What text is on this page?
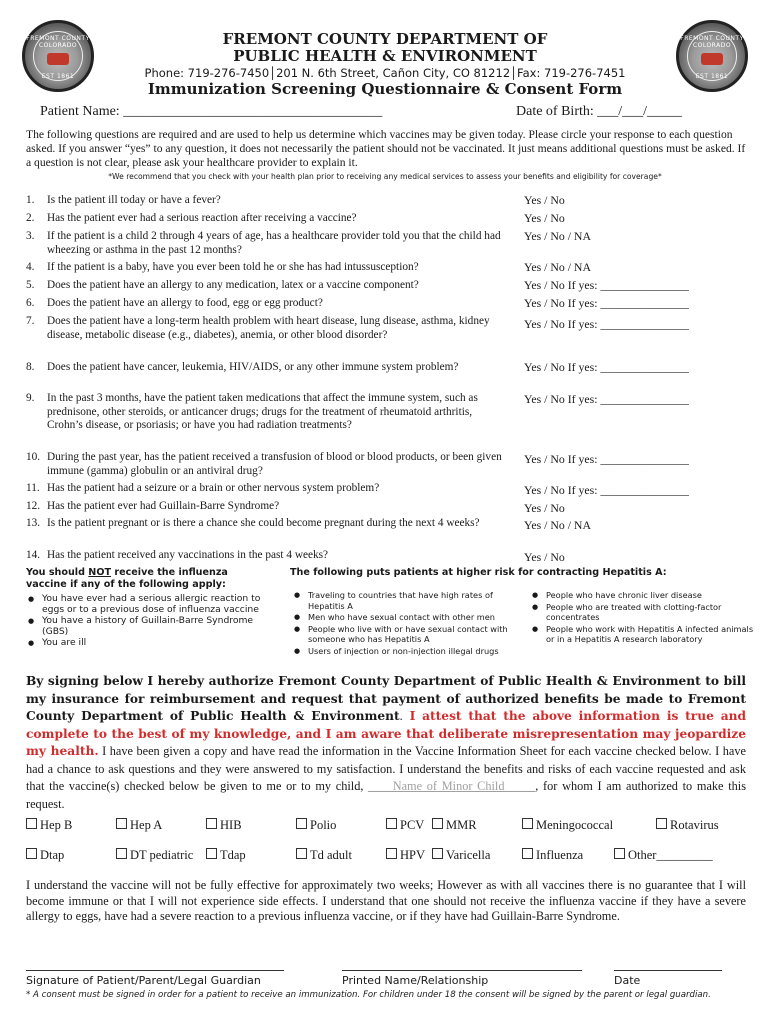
FREMONT COUNTY COLORADO
EST 1861
FREMONT COUNTY COLORADO
EST 1861
FREMONT COUNTY DEPARTMENT OF
PUBLIC HEALTH & ENVIRONMENT
Phone: 719-276-7450│201 N. 6th Street, Cañon City, CO 81212│Fax: 719-276-7451
Immunization Screening Questionnaire & Consent Form
Patient Name: _____________________________________	Date of Birth: ___/___/_____
The following questions are required and are used to help us determine which vaccines may be given today. Please circle your response to each question asked. If you answer “yes” to any question, it does not necessarily the patient should not be vaccinated. It just means additional questions must be asked. If a question is not clear, please ask your healthcare provider to explain it.
*We recommend that you check with your health plan prior to receiving any medical services to assess your benefits and eligibility for coverage*
1.	Is the patient ill today or have a fever?	Yes / No
2.	Has the patient ever had a serious reaction after receiving a vaccine?	Yes / No
3.	If the patient is a child 2 through 4 years of age, has a healthcare provider told you that the child had wheezing or asthma in the past 12 months?
Yes / No / NA
4.	If the patient is a baby, have you ever been told he or she has had intussusception?	Yes / No / NA
5.	Does the patient have an allergy to any medication, latex or a vaccine component?	Yes / No If yes: _______________
6.	Does the patient have an allergy to food, egg or egg product?	Yes / No If yes: _______________
7.	Does the patient have a long-term health problem with heart disease, lung disease, asthma, kidney disease, metabolic disease (e.g., diabetes), anemia, or other blood disorder?
Yes / No If yes: _______________
8.	Does the patient have cancer, leukemia, HIV/AIDS, or any other immune system problem?	Yes / No If yes: _______________
9.	In the past 3 months, have the patient taken medications that affect the immune system, such as prednisone, other steroids, or anticancer drugs; drugs for the treatment of rheumatoid arthritis, Crohn’s disease, or psoriasis; or have you had radiation treatments?
Yes / No If yes: _______________
10. During the past year, has the patient received a transfusion of blood or blood products, or been given immune (gamma) globulin or an antiviral drug?
Yes / No If yes: _______________
11. Has the patient had a seizure or a brain or other nervous system problem?	Yes / No If yes: _______________
12. Has the patient ever had Guillain-Barre Syndrome?	Yes / No
13. Is the patient pregnant or is there a chance she could become pregnant during the next 4 weeks?	Yes / No / NA
14. Has the patient received any vaccinations in the past 4 weeks?	Yes / No
You should NOT receive the influenza vaccine if any of the following apply:
● You have ever had a serious allergic reaction to eggs or to a previous dose of influenza vaccine
● You have a history of Guillain-Barre Syndrome (GBS)
● You are ill
The following puts patients at higher risk for contracting Hepatitis A:
● Traveling to countries that have high rates of Hepatitis A
● Men who have sexual contact with other men
● People who live with or have sexual contact with someone who has Hepatitis A
● Users of injection or non-injection illegal drugs
● People who have chronic liver disease
● People who are treated with clotting-factor concentrates
● People who work with Hepatitis A infected animals or in a Hepatitis A research laboratory
By signing below I hereby authorize Fremont County Department of Public Health & Environment to bill my insurance for reimbursement and request that payment of authorized benefits be made to Fremont County Department of Public Health & Environment. I attest that the above information is true and complete to the best of my knowledge, and I am aware that deliberate misrepresentation may jeopardize my health. I have been given a copy and have read the information in the Vaccine Information Sheet for each vaccine checked below. I have had a chance to ask questions and they were answered to my satisfaction. I understand the benefits and risks of each vaccine requested and ask that the vaccine(s) checked below be given to me or to my child, ____Name of Minor Child_____, for whom I am authorized to make this request.
Hep B	Hep A	HIB	Polio	PCV	MMR	Meningococcal	Rotavirus
Dtap	DT pediatric	Tdap	Td adult	HPV	Varicella	Influenza	Other_________
I understand the vaccine will not be fully effective for approximately two weeks; However as with all vaccines there is no guarantee that I will become immune or that I will not experience side effects. I understand that one should not receive the influenza vaccine if they have a severe allergy to eggs, have had a severe reaction to a previous influenza vaccine, or if they have had Guillain-Barre Syndrome.
Signature of Patient/Parent/Legal Guardian	Printed Name/Relationship	Date
* A consent must be signed in order for a patient to receive an immunization. For children under 18 the consent will be signed by the parent or legal guardian.
